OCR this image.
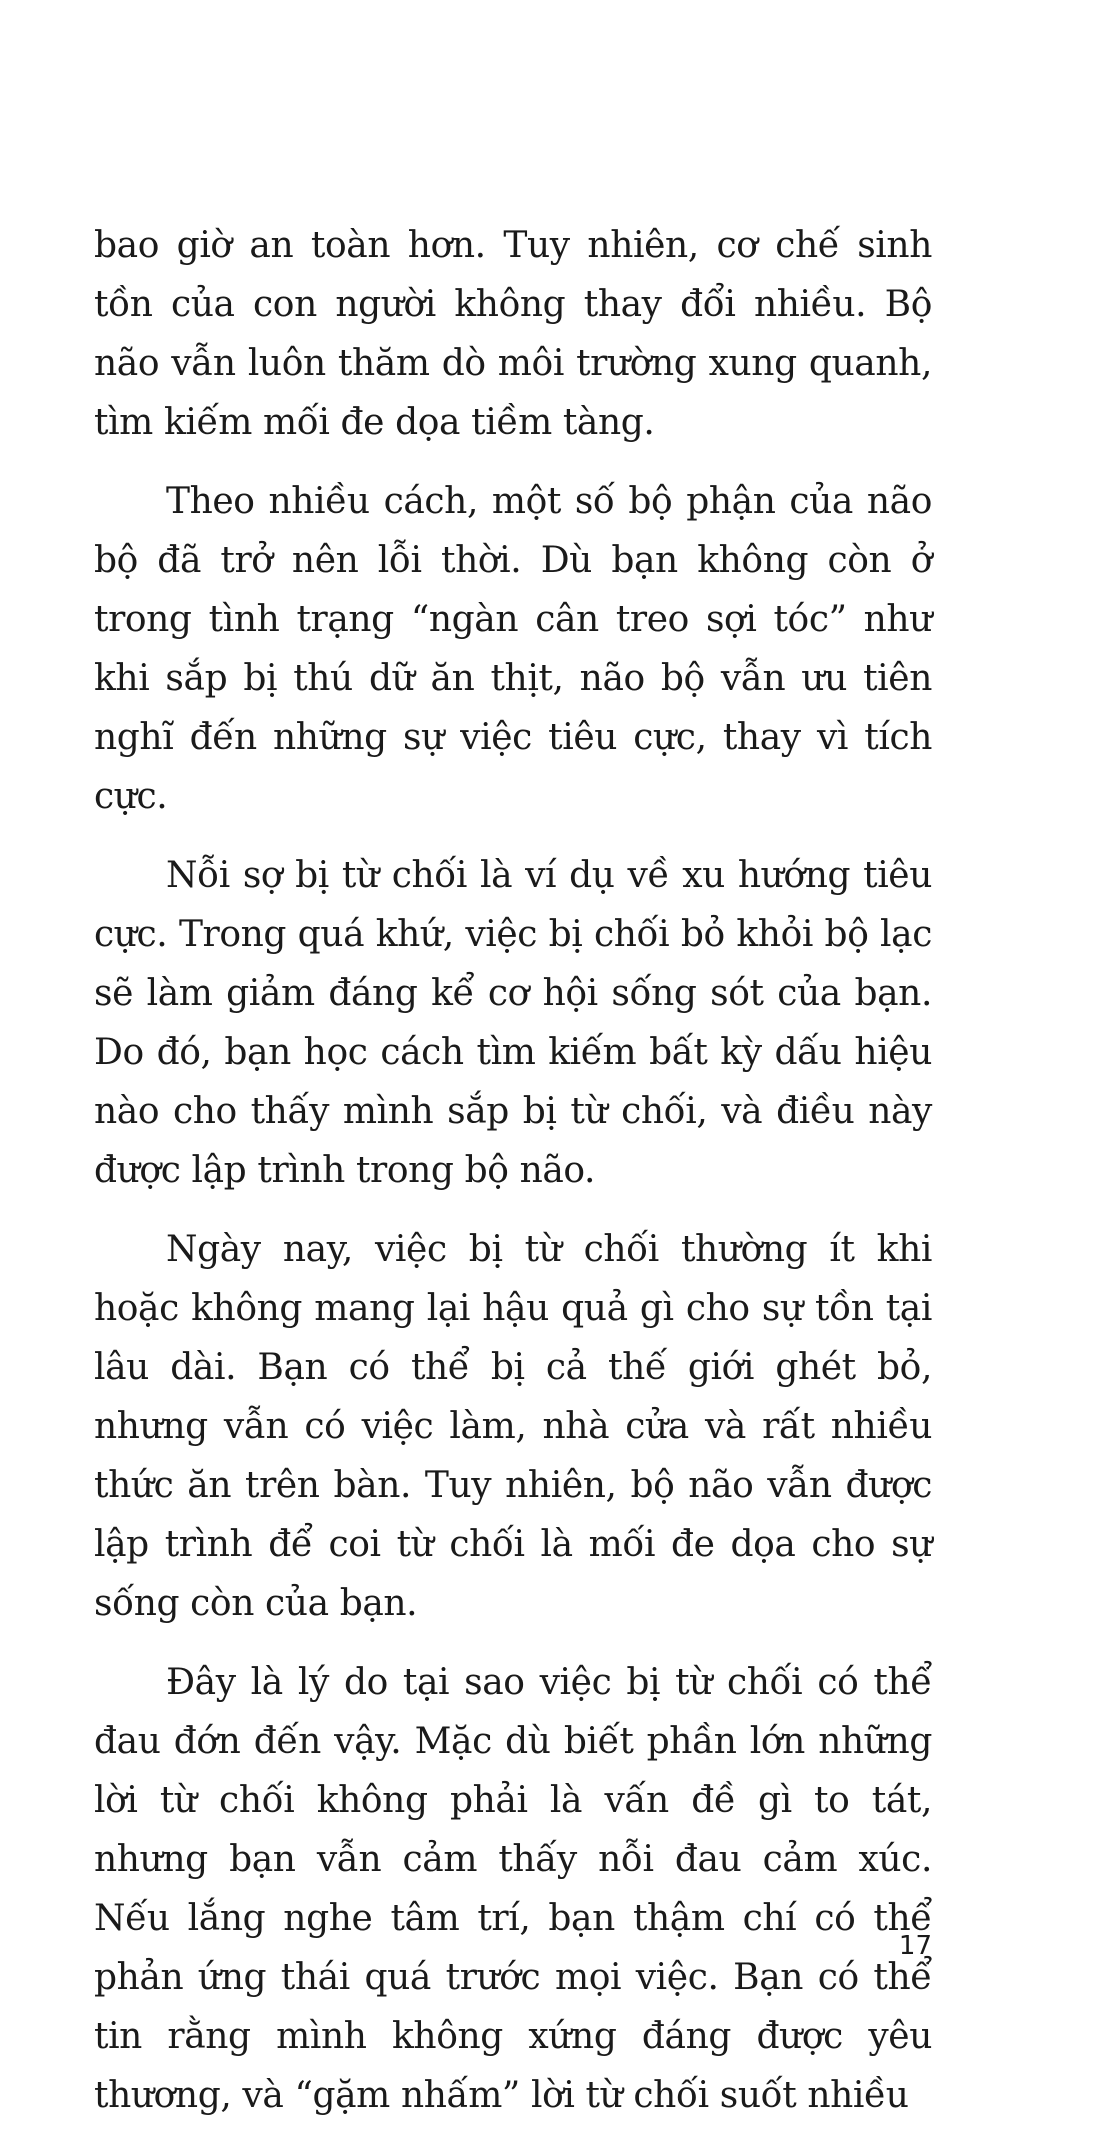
bao giờ an toàn hơn. Tuy nhiên, cơ chế sinh tồn của con người không thay đổi nhiều. Bộ não vẫn luôn thăm dò môi trường xung quanh, tìm kiếm mối đe dọa tiềm tàng.

Theo nhiều cách, một số bộ phận của não bộ đã trở nên lỗi thời. Dù bạn không còn ở trong tình trạng “ngàn cân treo sợi tóc” như khi sắp bị thú dữ ăn thịt, não bộ vẫn ưu tiên nghĩ đến những sự việc tiêu cực, thay vì tích cực.

Nỗi sợ bị từ chối là ví dụ về xu hướng tiêu cực. Trong quá khứ, việc bị chối bỏ khỏi bộ lạc sẽ làm giảm đáng kể cơ hội sống sót của bạn. Do đó, bạn học cách tìm kiếm bất kỳ dấu hiệu nào cho thấy mình sắp bị từ chối, và điều này được lập trình trong bộ não.

Ngày nay, việc bị từ chối thường ít khi hoặc không mang lại hậu quả gì cho sự tồn tại lâu dài. Bạn có thể bị cả thế giới ghét bỏ, nhưng vẫn có việc làm, nhà cửa và rất nhiều thức ăn trên bàn. Tuy nhiên, bộ não vẫn được lập trình để coi từ chối là mối đe dọa cho sự sống còn của bạn.

Đây là lý do tại sao việc bị từ chối có thể đau đớn đến vậy. Mặc dù biết phần lớn những lời từ chối không phải là vấn đề gì to tát, nhưng bạn vẫn cảm thấy nỗi đau cảm xúc. Nếu lắng nghe tâm trí, bạn thậm chí có thể phản ứng thái quá trước mọi việc. Bạn có thể tin rằng mình không xứng đáng được yêu thương, và “gặm nhấm” lời từ chối suốt nhiều

17
